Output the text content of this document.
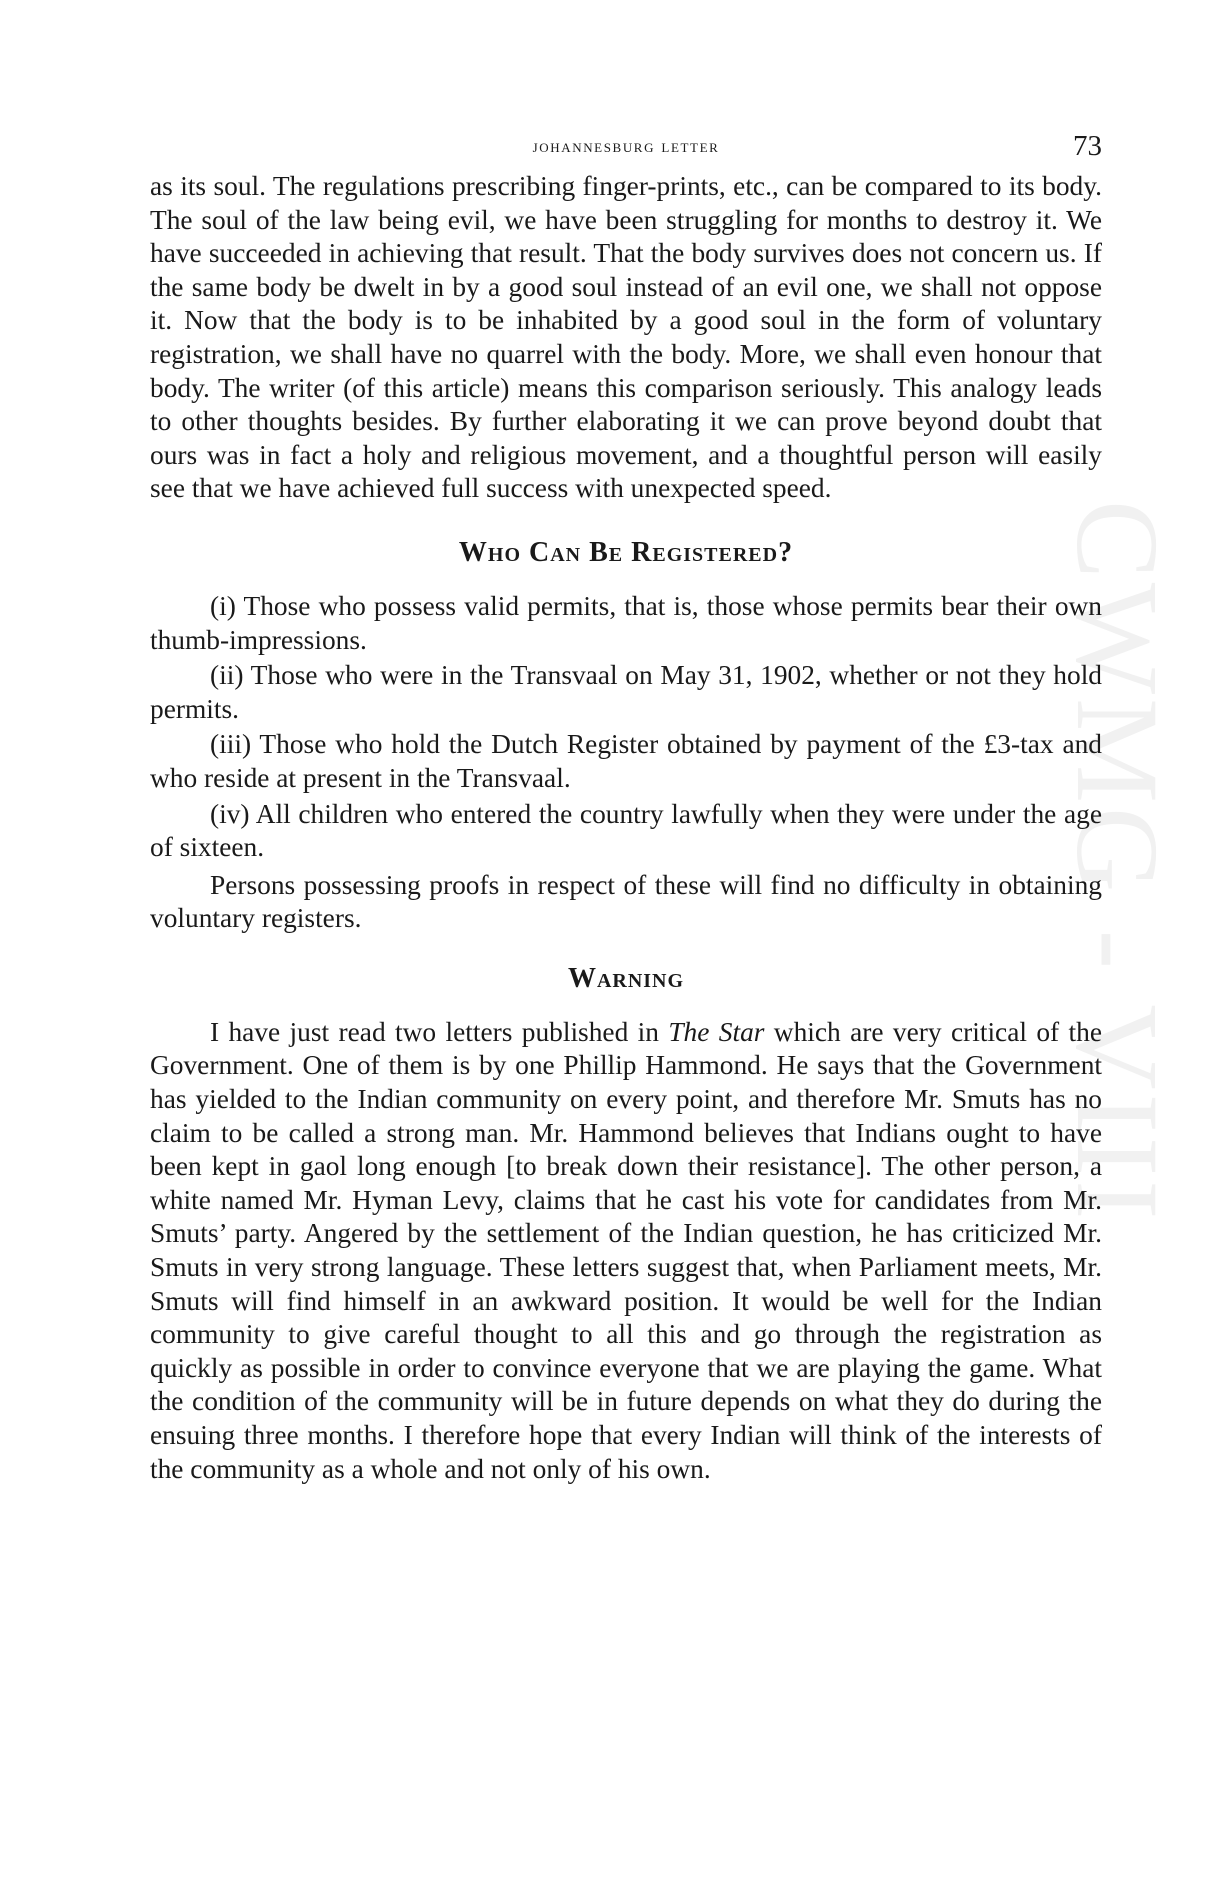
CWMG - VIII
johannesburg letter	73

as its soul. The regulations prescribing finger-prints, etc., can be compared to its body. The soul of the law being evil, we have been struggling for months to destroy it. We have succeeded in achieving that result. That the body survives does not concern us. If the same body be dwelt in by a good soul instead of an evil one, we shall not oppose it. Now that the body is to be inhabited by a good soul in the form of voluntary registration, we shall have no quarrel with the body. More, we shall even honour that body. The writer (of this article) means this comparison seriously. This analogy leads to other thoughts besides. By further elaborating it we can prove beyond doubt that ours was in fact a holy and religious movement, and a thoughtful person will easily see that we have achieved full success with unexpected speed.

Who Can Be Registered?

(i) Those who possess valid permits, that is, those whose permits bear their own thumb-impressions.

(ii) Those who were in the Transvaal on May 31, 1902, whether or not they hold permits.

(iii) Those who hold the Dutch Register obtained by payment of the £3-tax and who reside at present in the Transvaal.

(iv) All children who entered the country lawfully when they were under the age of sixteen.

Persons possessing proofs in respect of these will find no difficulty in obtaining voluntary registers.

Warning

I have just read two letters published in The Star which are very critical of the Government. One of them is by one Phillip Hammond. He says that the Government has yielded to the Indian community on every point, and therefore Mr. Smuts has no claim to be called a strong man. Mr. Hammond believes that Indians ought to have been kept in gaol long enough [to break down their resistance]. The other person, a white named Mr. Hyman Levy, claims that he cast his vote for candidates from Mr. Smuts’ party. Angered by the settlement of the Indian question, he has criticized Mr. Smuts in very strong language. These letters suggest that, when Parliament meets, Mr. Smuts will find himself in an awkward position. It would be well for the Indian community to give careful thought to all this and go through the registration as quickly as possible in order to convince everyone that we are playing the game. What the condition of the community will be in future depends on what they do during the ensuing three months. I therefore hope that every Indian will think of the interests of the community as a whole and not only of his own.
